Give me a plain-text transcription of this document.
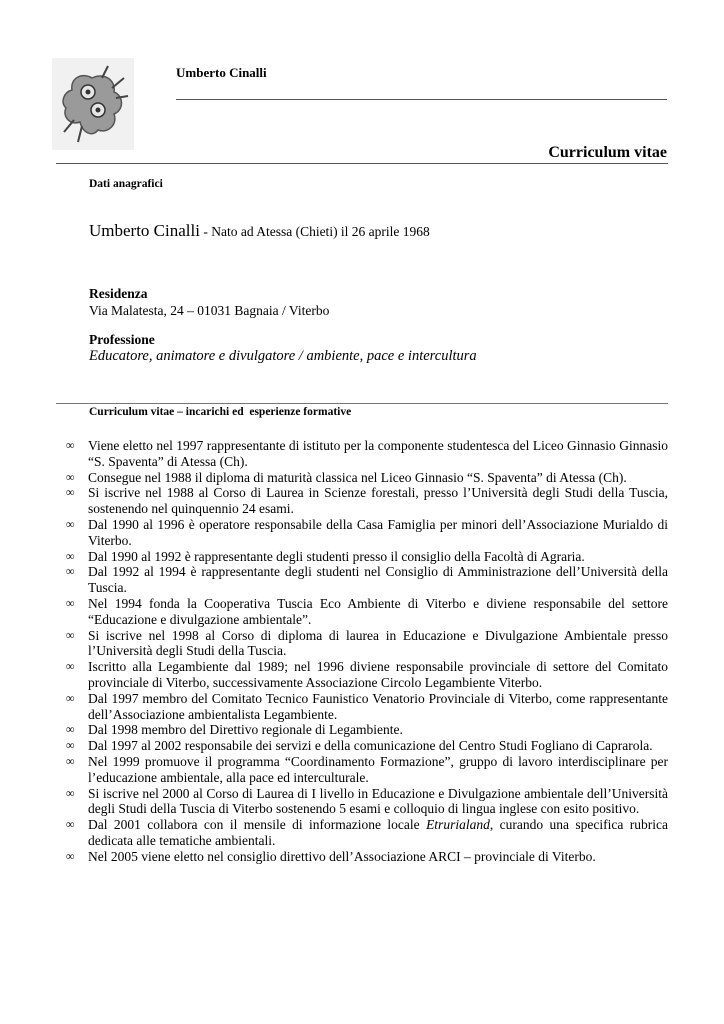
Umberto Cinalli
Curriculum vitae
Dati anagrafici
Umberto Cinalli - Nato ad Atessa (Chieti) il 26 aprile 1968
Residenza
Via Malatesta, 24 – 01031 Bagnaia / Viterbo
Professione
Educatore, animatore e divulgatore / ambiente, pace e intercultura
Curriculum vitae – incarichi ed  esperienze formative
∞ Viene eletto nel 1997 rappresentante di istituto per la componente studentesca del Liceo Ginnasio Ginnasio “S. Spaventa” di Atessa (Ch).
∞ Consegue nel 1988 il diploma di maturità classica nel Liceo Ginnasio “S. Spaventa” di Atessa (Ch).
∞ Si iscrive nel 1988 al Corso di Laurea in Scienze forestali, presso l’Università degli Studi della Tuscia, sostenendo nel quinquennio 24 esami.
∞ Dal 1990 al 1996 è operatore responsabile della Casa Famiglia per minori dell’Associazione Murialdo di Viterbo.
∞ Dal 1990 al 1992 è rappresentante degli studenti presso il consiglio della Facoltà di Agraria.
∞ Dal 1992 al 1994 è rappresentante degli studenti nel Consiglio di Amministrazione dell’Università della Tuscia.
∞ Nel 1994 fonda la Cooperativa Tuscia Eco Ambiente di Viterbo e diviene responsabile del settore “Educazione e divulgazione ambientale”.
∞ Si iscrive nel 1998 al Corso di diploma di laurea in Educazione e Divulgazione Ambientale presso l’Università degli Studi della Tuscia.
∞ Iscritto alla Legambiente dal 1989; nel 1996 diviene responsabile provinciale di settore del Comitato provinciale di Viterbo, successivamente Associazione Circolo Legambiente Viterbo.
∞ Dal 1997 membro del Comitato Tecnico Faunistico Venatorio Provinciale di Viterbo, come rappresentante dell’Associazione ambientalista Legambiente.
∞ Dal 1998 membro del Direttivo regionale di Legambiente.
∞ Dal 1997 al 2002 responsabile dei servizi e della comunicazione del Centro Studi Fogliano di Caprarola.
∞ Nel 1999 promuove il programma “Coordinamento Formazione”, gruppo di lavoro interdisciplinare per l’educazione ambientale, alla pace ed interculturale.
∞ Si iscrive nel 2000 al Corso di Laurea di I livello in Educazione e Divulgazione ambientale dell’Università degli Studi della Tuscia di Viterbo sostenendo 5 esami e colloquio di lingua inglese con esito positivo.
∞ Dal 2001 collabora con il mensile di informazione locale Etrurialand, curando una specifica rubrica dedicata alle tematiche ambientali.
∞ Nel 2005 viene eletto nel consiglio direttivo dell’Associazione ARCI – provinciale di Viterbo.
